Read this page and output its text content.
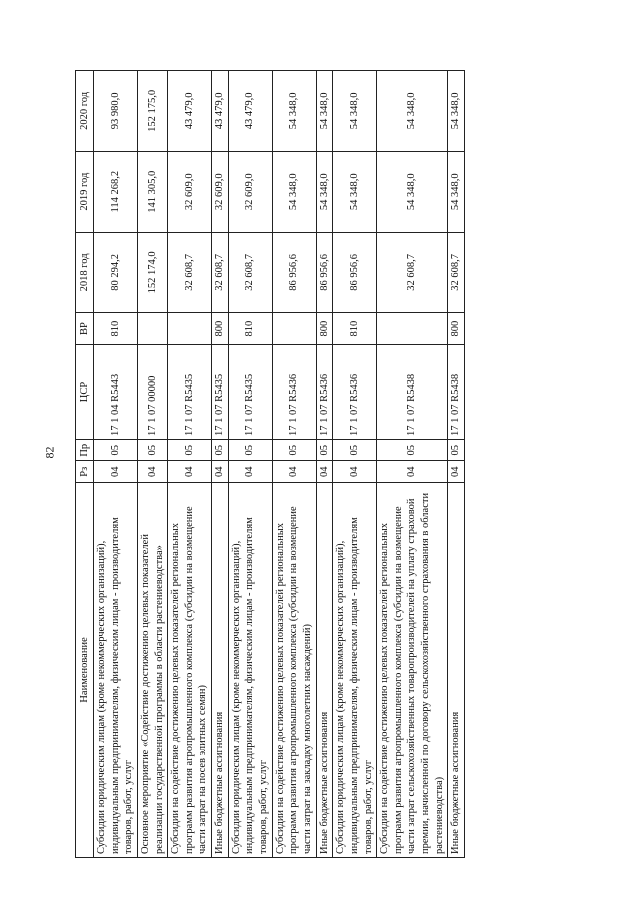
82
Наименование	Рз	Пр	ЦСР	ВР	2018 год	2019 год	2020 год
Субсидии юридическим лицам (кроме некоммерческих организаций), индивидуальным предпринимателям, физическим лицам - производителям товаров, работ, услуг	04	05	17 1 04 R5443	810	80 294,2	114 268,2	93 980,0
Основное мероприятие «Содействие достижению целевых показателей реализации государственной программы в области растениеводства»	04	05	17 1 07 00000		152 174,0	141 305,0	152 175,0
Субсидии на содействие достижению целевых показателей региональных программ развития агропромышленного комплекса (субсидии на возмещение части затрат на посев элитных семян)	04	05	17 1 07 R5435		32 608,7	32 609,0	43 479,0
Иные бюджетные ассигнования	04	05	17 1 07 R5435	800	32 608,7	32 609,0	43 479,0
Субсидии юридическим лицам (кроме некоммерческих организаций), индивидуальным предпринимателям, физическим лицам - производителям товаров, работ, услуг	04	05	17 1 07 R5435	810	32 608,7	32 609,0	43 479,0
Субсидии на содействие достижению целевых показателей региональных программ развития агропромышленного комплекса (субсидии на возмещение части затрат на закладку многолетних насаждений)	04	05	17 1 07 R5436		86 956,6	54 348,0	54 348,0
Иные бюджетные ассигнования	04	05	17 1 07 R5436	800	86 956,6	54 348,0	54 348,0
Субсидии юридическим лицам (кроме некоммерческих организаций), индивидуальным предпринимателям, физическим лицам - производителям товаров, работ, услуг	04	05	17 1 07 R5436	810	86 956,6	54 348,0	54 348,0
Субсидии на содействие достижению целевых показателей региональных программ развития агропромышленного комплекса (субсидии на возмещение части затрат сельскохозяйственных товаропроизводителей на уплату страховой премии, начисленной по договору сельскохозяйственного страхования в области растениеводства)	04	05	17 1 07 R5438		32 608,7	54 348,0	54 348,0
Иные бюджетные ассигнования	04	05	17 1 07 R5438	800	32 608,7	54 348,0	54 348,0
